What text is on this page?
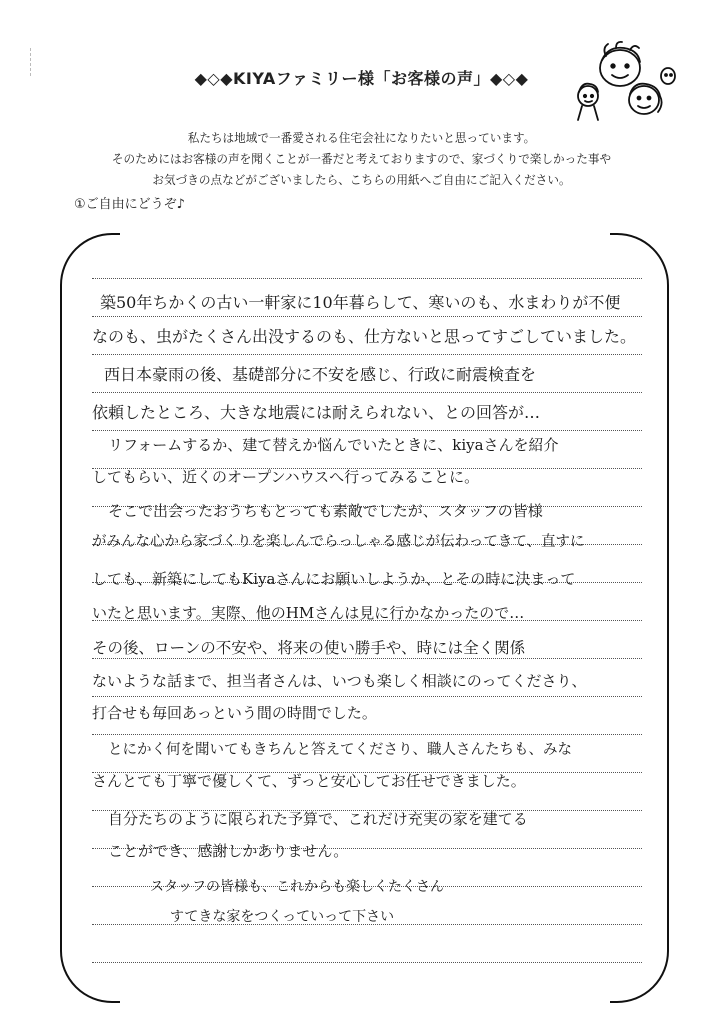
◆◇◆KIYAファミリー様「お客様の声」◆◇◆
私たちは地域で一番愛される住宅会社になりたいと思っています。
そのためにはお客様の声を聞くことが一番だと考えておりますので、家づくりで楽しかった事や
お気づきの点などがございましたら、こちらの用紙へご自由にご記入ください。
①ご自由にどうぞ♪
築50年ちかくの古い一軒家に10年暮らして、寒いのも、水まわりが不便
なのも、虫がたくさん出没するのも、仕方ないと思ってすごしていました。
西日本豪雨の後、基礎部分に不安を感じ、行政に耐震検査を
依頼したところ、大きな地震には耐えられない、との回答が…
リフォームするか、建て替えか悩んでいたときに、kiyaさんを紹介
してもらい、近くのオープンハウスへ行ってみることに。
そこで出会ったおうちもとっても素敵でしたが、スタッフの皆様
がみんな心から家づくりを楽しんでらっしゃる感じが伝わってきて、直すに
しても、新築にしてもKiyaさんにお願いしようか、とその時に決まって
いたと思います。実際、他のHMさんは見に行かなかったので…
その後、ローンの不安や、将来の使い勝手や、時には全く関係
ないような話まで、担当者さんは、いつも楽しく相談にのってくださり、
打合せも毎回あっという間の時間でした。
とにかく何を聞いてもきちんと答えてくださり、職人さんたちも、みな
さんとても丁寧で優しくて、ずっと安心してお任せできました。
自分たちのように限られた予算で、これだけ充実の家を建てる
ことができ、感謝しかありません。
スタッフの皆様も、これからも楽しくたくさん
すてきな家をつくっていって下さい
